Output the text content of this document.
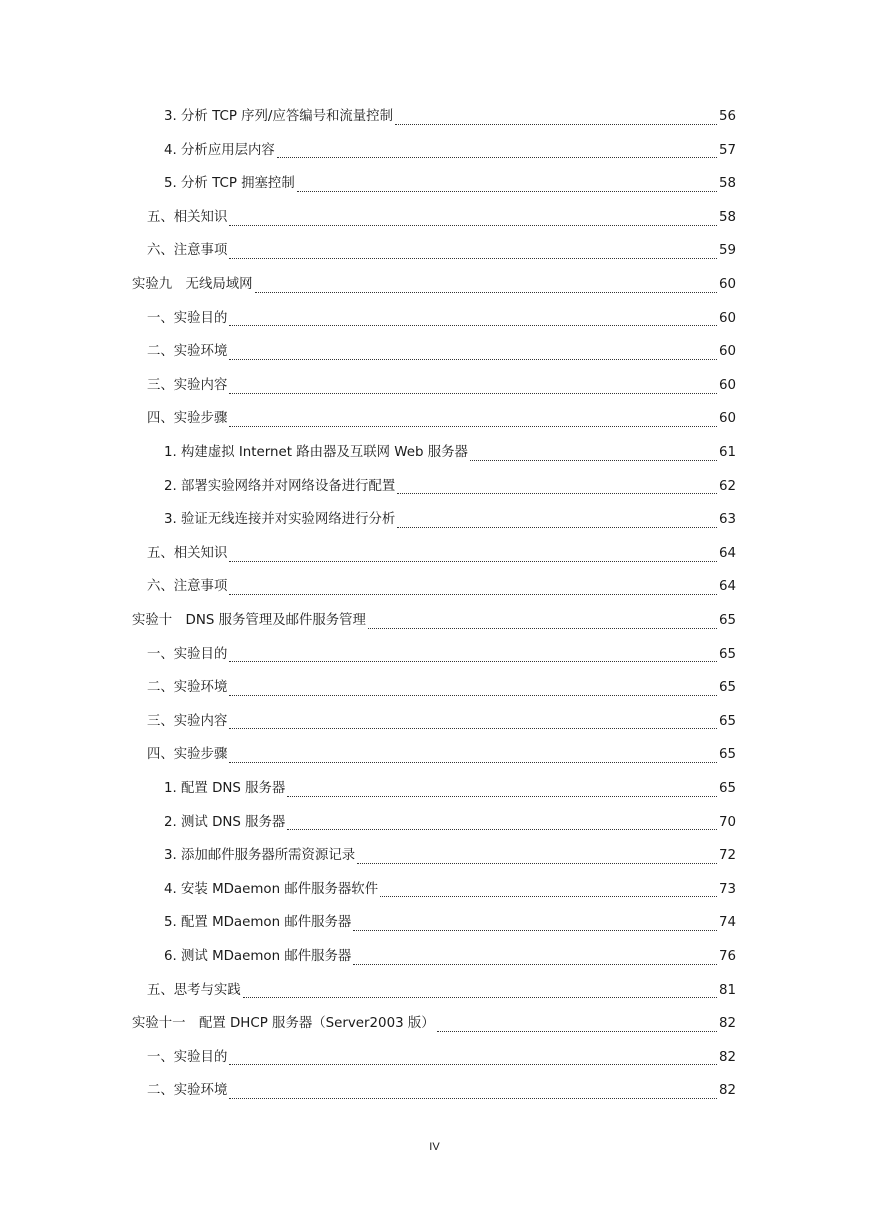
3. 分析 TCP 序列/应答编号和流量控制	56
4. 分析应用层内容	57
5. 分析 TCP 拥塞控制	58
五、相关知识	58
六、注意事项	59
实验九　无线局域网	60
一、实验目的	60
二、实验环境	60
三、实验内容	60
四、实验步骤	60
1. 构建虚拟 Internet 路由器及互联网 Web 服务器	61
2. 部署实验网络并对网络设备进行配置	62
3. 验证无线连接并对实验网络进行分析	63
五、相关知识	64
六、注意事项	64
实验十　DNS 服务管理及邮件服务管理	65
一、实验目的	65
二、实验环境	65
三、实验内容	65
四、实验步骤	65
1. 配置 DNS 服务器	65
2. 测试 DNS 服务器	70
3. 添加邮件服务器所需资源记录	72
4. 安装 MDaemon 邮件服务器软件	73
5. 配置 MDaemon 邮件服务器	74
6. 测试 MDaemon 邮件服务器	76
五、思考与实践	81
实验十一　配置 DHCP 服务器（Server2003 版）	82
一、实验目的	82
二、实验环境	82
IV
